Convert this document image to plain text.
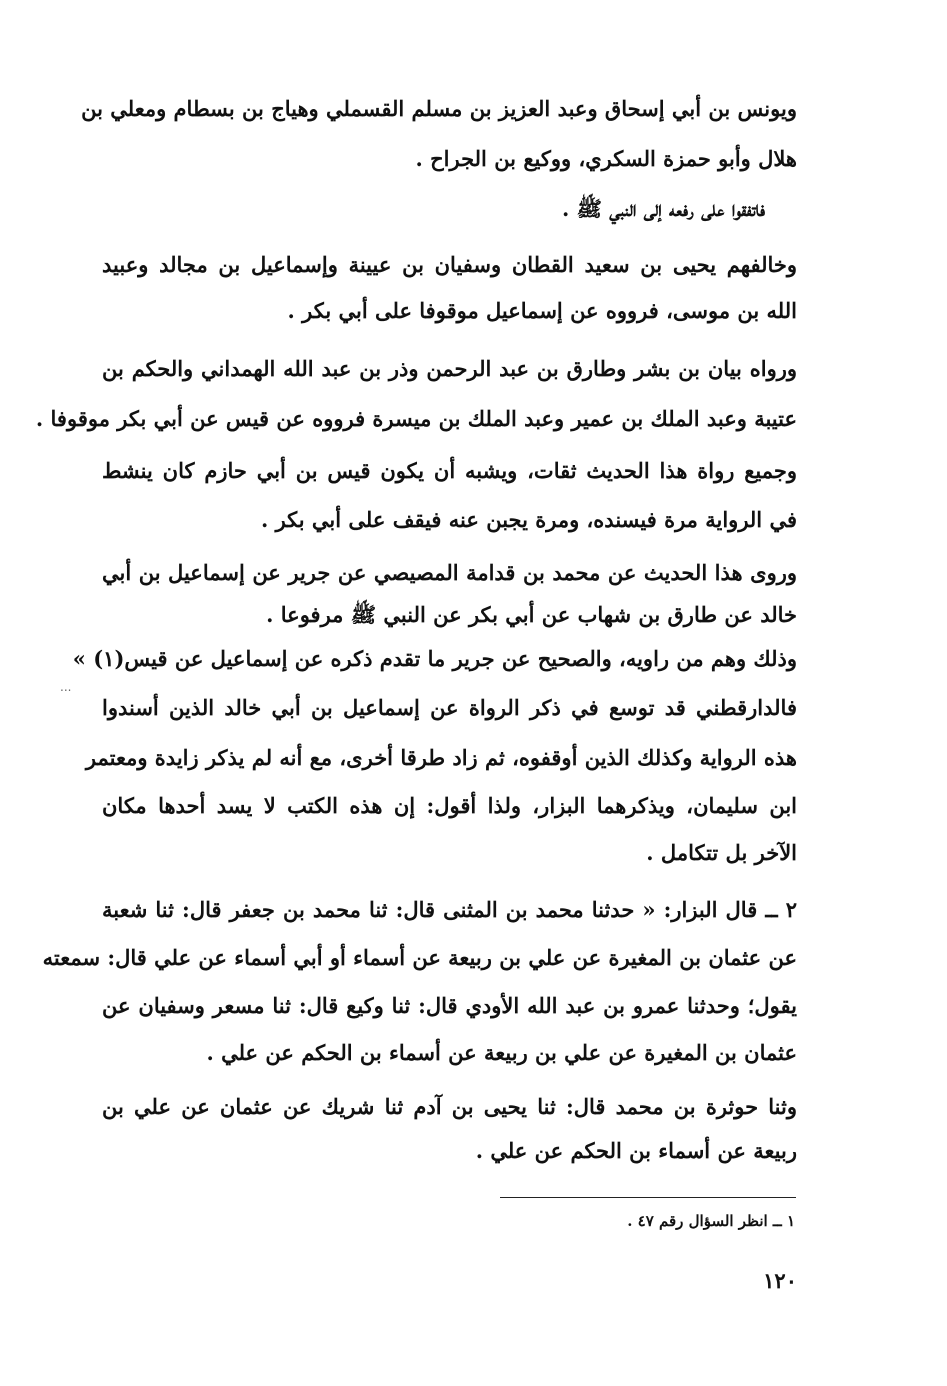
ويونس بن أبي إسحاق وعبد العزيز بن مسلم القسملي وهياج بن بسطام ومعلي بن
هلال وأبو حمزة السكري، ووكيع بن الجراح .
فاتفقوا على رفعه إلى النبي ﷺ .
وخالفهم يحيى بن سعيد القطان وسفيان بن عيينة وإسماعيل بن مجالد وعبيد
الله بن موسى، فرووه عن إسماعيل موقوفا على أبي بكر .
ورواه بيان بن بشر وطارق بن عبد الرحمن وذر بن عبد الله الهمداني والحكم بن
عتيبة وعبد الملك بن عمير وعبد الملك بن ميسرة فرووه عن قيس عن أبي بكر موقوفا .
وجميع رواة هذا الحديث ثقات، ويشبه أن يكون قيس بن أبي حازم كان ينشط
في الرواية مرة فيسنده، ومرة يجبن عنه فيقف على أبي بكر .
وروى هذا الحديث عن محمد بن قدامة المصيصي عن جرير عن إسماعيل بن أبي
خالد عن طارق بن شهاب عن أبي بكر عن النبي ﷺ مرفوعا .
وذلك وهم من راويه، والصحيح عن جرير ما تقدم ذكره عن إسماعيل عن قيس(١) »
فالدارقطني قد توسع في ذكر الرواة عن إسماعيل بن أبي خالد الذين أسندوا
هذه الرواية وكذلك الذين أوقفوه، ثم زاد طرقا أخرى، مع أنه لم يذكر زايدة ومعتمر
ابن سليمان، ويذكرهما البزار، ولذا أقول: إن هذه الكتب لا يسد أحدها مكان
الآخر بل تتكامل .
٢ ــ قال البزار: « حدثنا محمد بن المثنى قال: ثنا محمد بن جعفر قال: ثنا شعبة
عن عثمان بن المغيرة عن علي بن ربيعة عن أسماء أو أبي أسماء عن علي قال: سمعته
يقول؛ وحدثنا عمرو بن عبد الله الأودي قال: ثنا وكيع قال: ثنا مسعر وسفيان عن
عثمان بن المغيرة عن علي بن ربيعة عن أسماء بن الحكم عن علي .
وثنا حوثرة بن محمد قال: ثنا يحيى بن آدم ثنا شريك عن عثمان عن علي بن
ربيعة عن أسماء بن الحكم عن علي .
...
١ ــ انظر السؤال رقم ٤٧ .
١٢٠
